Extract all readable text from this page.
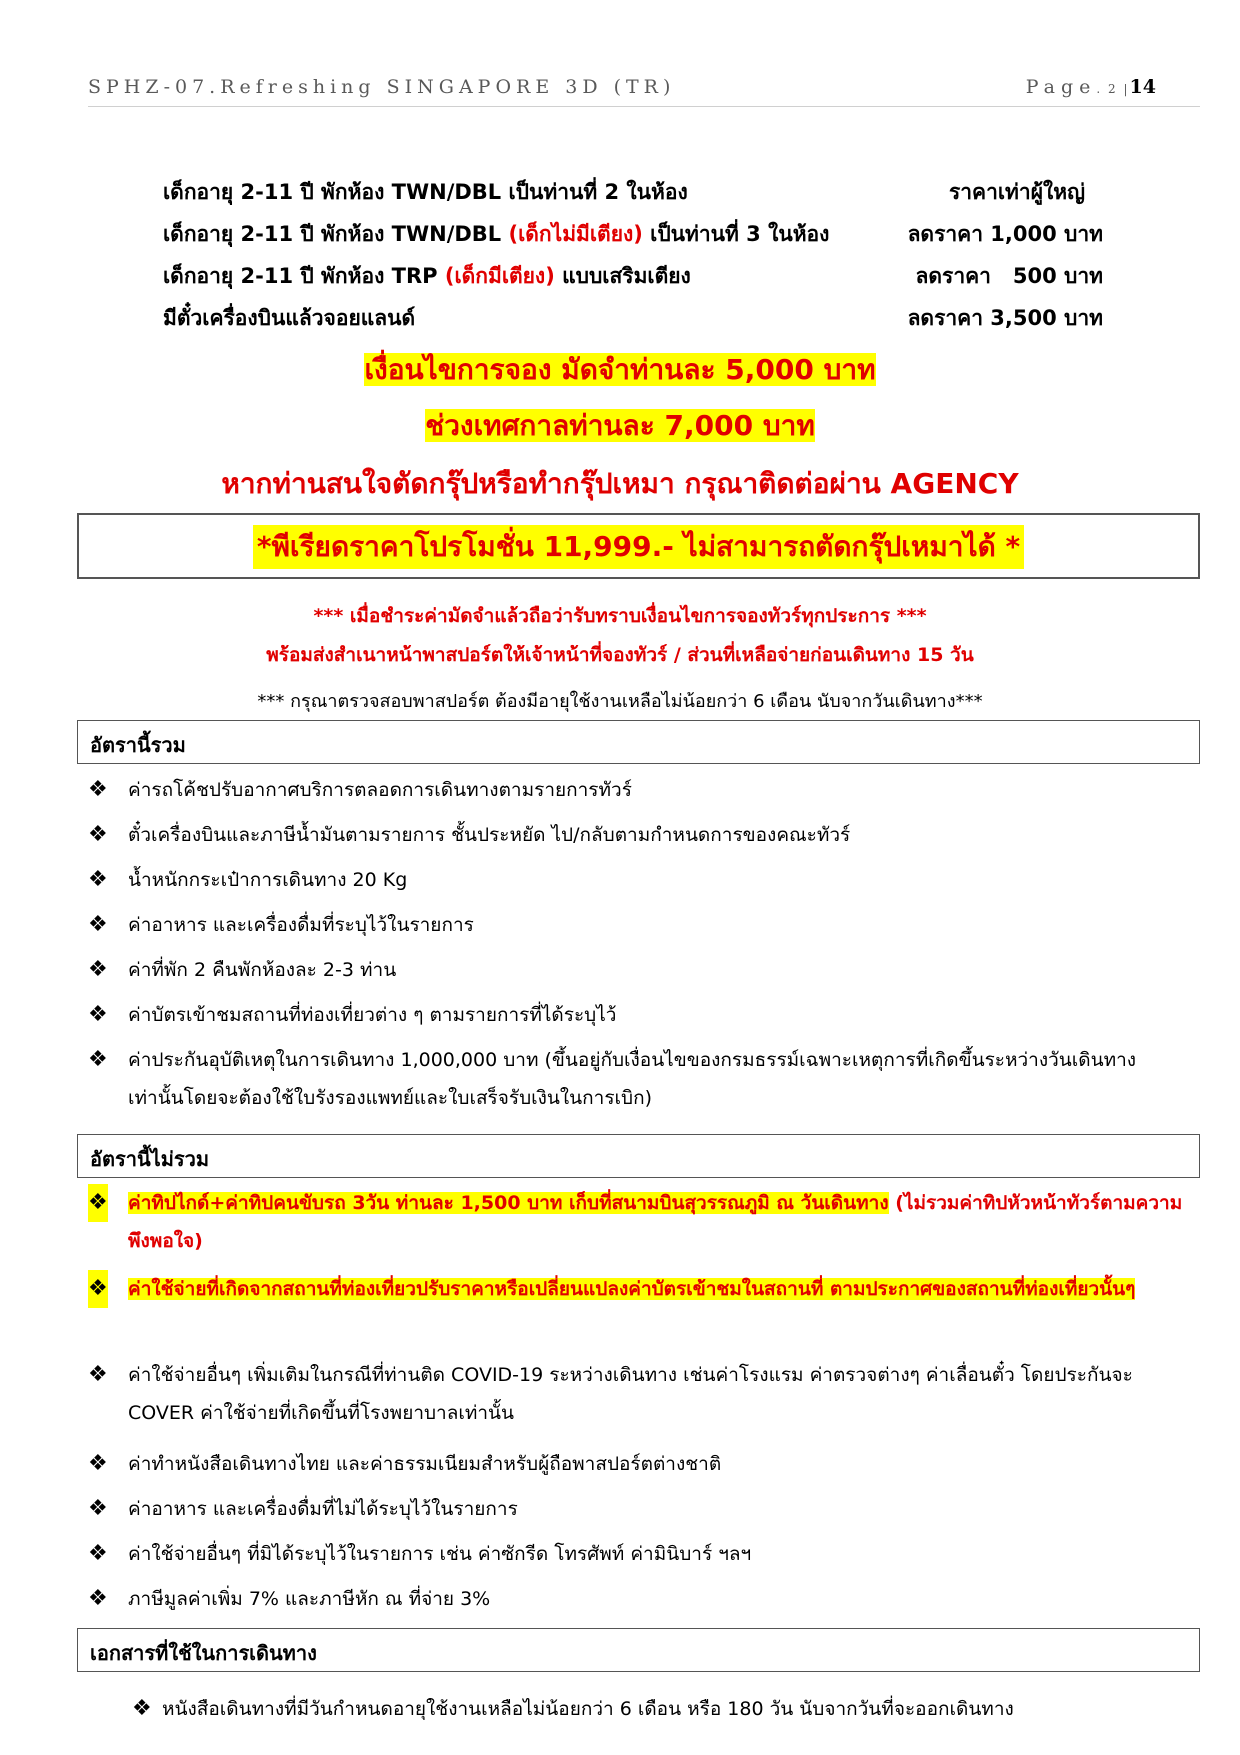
SPHZ-07.Refreshing SINGAPORE 3D (TR)	Page. 2 |14
เด็กอายุ 2-11 ปี พักห้อง TWN/DBL เป็นท่านที่ 2 ในห้อง	ราคาเท่าผู้ใหญ่
เด็กอายุ 2-11 ปี พักห้อง TWN/DBL (เด็กไม่มีเตียง) เป็นท่านที่ 3 ในห้อง	ลดราคา 1,000 บาท
เด็กอายุ 2-11 ปี พักห้อง TRP (เด็กมีเตียง) แบบเสริมเตียง	ลดราคา   500 บาท
มีตั๋วเครื่องบินแล้วจอยแลนด์	ลดราคา 3,500 บาท
เงื่อนไขการจอง มัดจำท่านละ 5,000 บาท
ช่วงเทศกาลท่านละ 7,000 บาท
หากท่านสนใจตัดกรุ๊ปหรือทำกรุ๊ปเหมา กรุณาติดต่อผ่าน AGENCY
*พีเรียดราคาโปรโมชั่น 11,999.- ไม่สามารถตัดกรุ๊ปเหมาได้ *
*** เมื่อชำระค่ามัดจำแล้วถือว่ารับทราบเงื่อนไขการจองทัวร์ทุกประการ ***
พร้อมส่งสำเนาหน้าพาสปอร์ตให้เจ้าหน้าที่จองทัวร์ / ส่วนที่เหลือจ่ายก่อนเดินทาง 15 วัน
*** กรุณาตรวจสอบพาสปอร์ต ต้องมีอายุใช้งานเหลือไม่น้อยกว่า 6 เดือน นับจากวันเดินทาง***
อัตรานี้รวม
❖ ค่ารถโค้ชปรับอากาศบริการตลอดการเดินทางตามรายการทัวร์
❖ ตั๋วเครื่องบินและภาษีน้ำมันตามรายการ ชั้นประหยัด ไป/กลับตามกำหนดการของคณะทัวร์
❖ น้ำหนักกระเป๋าการเดินทาง 20 Kg
❖ ค่าอาหาร และเครื่องดื่มที่ระบุไว้ในรายการ
❖ ค่าที่พัก 2 คืนพักห้องละ 2-3 ท่าน
❖ ค่าบัตรเข้าชมสถานที่ท่องเที่ยวต่าง ๆ ตามรายการที่ได้ระบุไว้
❖ ค่าประกันอุบัติเหตุในการเดินทาง 1,000,000 บาท (ขึ้นอยู่กับเงื่อนไขของกรมธรรม์เฉพาะเหตุการที่เกิดขึ้นระหว่างวันเดินทางเท่านั้นโดยจะต้องใช้ใบรังรองแพทย์และใบเสร็จรับเงินในการเบิก)
อัตรานี้ไม่รวม
❖ ค่าทิปไกด์+ค่าทิปคนขับรถ 3วัน ท่านละ 1,500 บาท เก็บที่สนามบินสุวรรณภูมิ ณ วันเดินทาง (ไม่รวมค่าทิปหัวหน้าทัวร์ตามความพึงพอใจ)
❖ ค่าใช้จ่ายที่เกิดจากสถานที่ท่องเที่ยวปรับราคาหรือเปลี่ยนแปลงค่าบัตรเข้าชมในสถานที่ ตามประกาศของสถานที่ท่องเที่ยวนั้นๆ
❖ ค่าใช้จ่ายอื่นๆ เพิ่มเติมในกรณีที่ท่านติด COVID-19 ระหว่างเดินทาง เช่นค่าโรงแรม ค่าตรวจต่างๆ ค่าเลื่อนตั๋ว โดยประกันจะ COVER ค่าใช้จ่ายที่เกิดขึ้นที่โรงพยาบาลเท่านั้น
❖ ค่าทำหนังสือเดินทางไทย และค่าธรรมเนียมสำหรับผู้ถือพาสปอร์ตต่างชาติ
❖ ค่าอาหาร และเครื่องดื่มที่ไม่ได้ระบุไว้ในรายการ
❖ ค่าใช้จ่ายอื่นๆ ที่มิได้ระบุไว้ในรายการ เช่น ค่าซักรีด โทรศัพท์ ค่ามินิบาร์ ฯลฯ
❖ ภาษีมูลค่าเพิ่ม 7% และภาษีหัก ณ ที่จ่าย 3%
เอกสารที่ใช้ในการเดินทาง
❖ หนังสือเดินทางที่มีวันกำหนดอายุใช้งานเหลือไม่น้อยกว่า 6 เดือน หรือ 180 วัน นับจากวันที่จะออกเดินทาง
